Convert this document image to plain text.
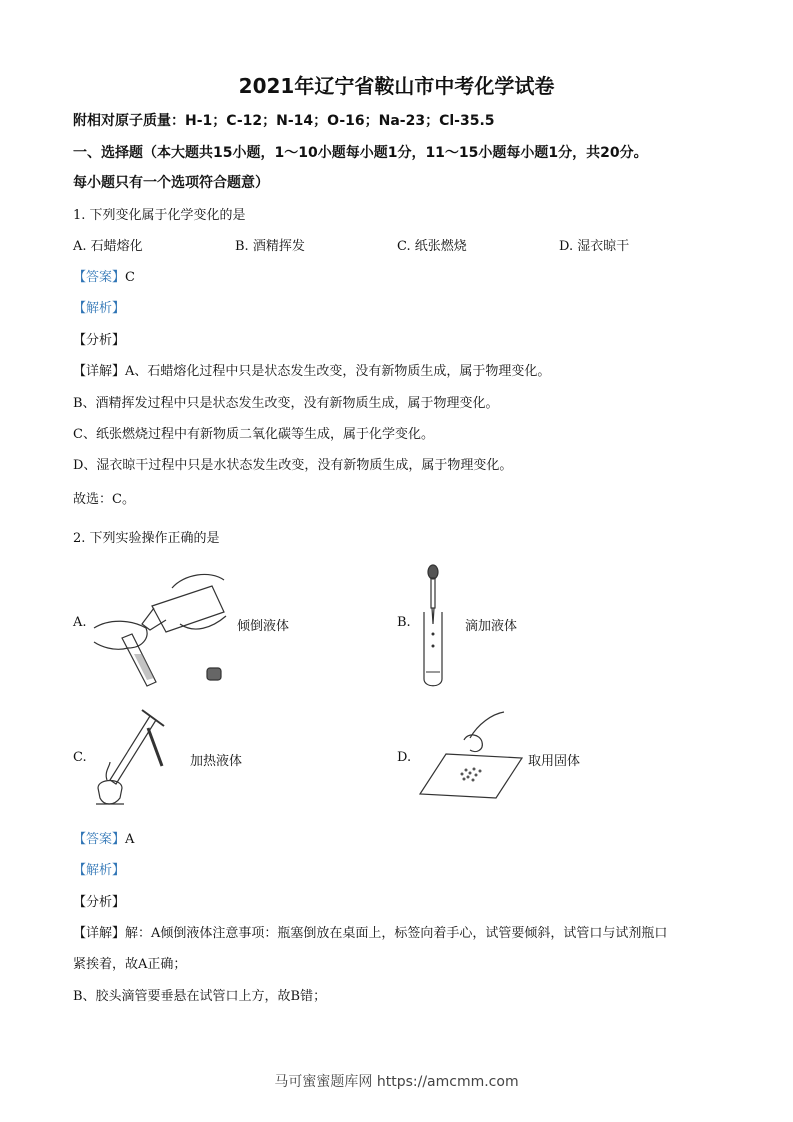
2021年辽宁省鞍山市中考化学试卷
附相对原子质量：H-1；C-12；N-14；O-16；Na-23；Cl-35.5
一、选择题（本大题共15小题，1～10小题每小题1分，11～15小题每小题1分，共20分。
每小题只有一个选项符合题意）
1. 下列变化属于化学变化的是
A. 石蜡熔化	B. 酒精挥发	C. 纸张燃烧	D. 湿衣晾干
【答案】C
【解析】
【分析】
【详解】A、石蜡熔化过程中只是状态发生改变，没有新物质生成，属于物理变化。
B、酒精挥发过程中只是状态发生改变，没有新物质生成，属于物理变化。
C、纸张燃烧过程中有新物质二氧化碳等生成，属于化学变化。
D、湿衣晾干过程中只是水状态发生改变，没有新物质生成，属于物理变化。
故选：C。
2. 下列实验操作正确的是
A.	倾倒液体	B.	滴加液体
C.	加热液体	D.	取用固体
【答案】A
【解析】
【分析】
【详解】解：A倾倒液体注意事项：瓶塞倒放在桌面上，标签向着手心，试管要倾斜，试管口与试剂瓶口
紧挨着，故A正确；
B、胶头滴管要垂悬在试管口上方，故B错；
马可蜜蜜题库网 https://amcmm.com
